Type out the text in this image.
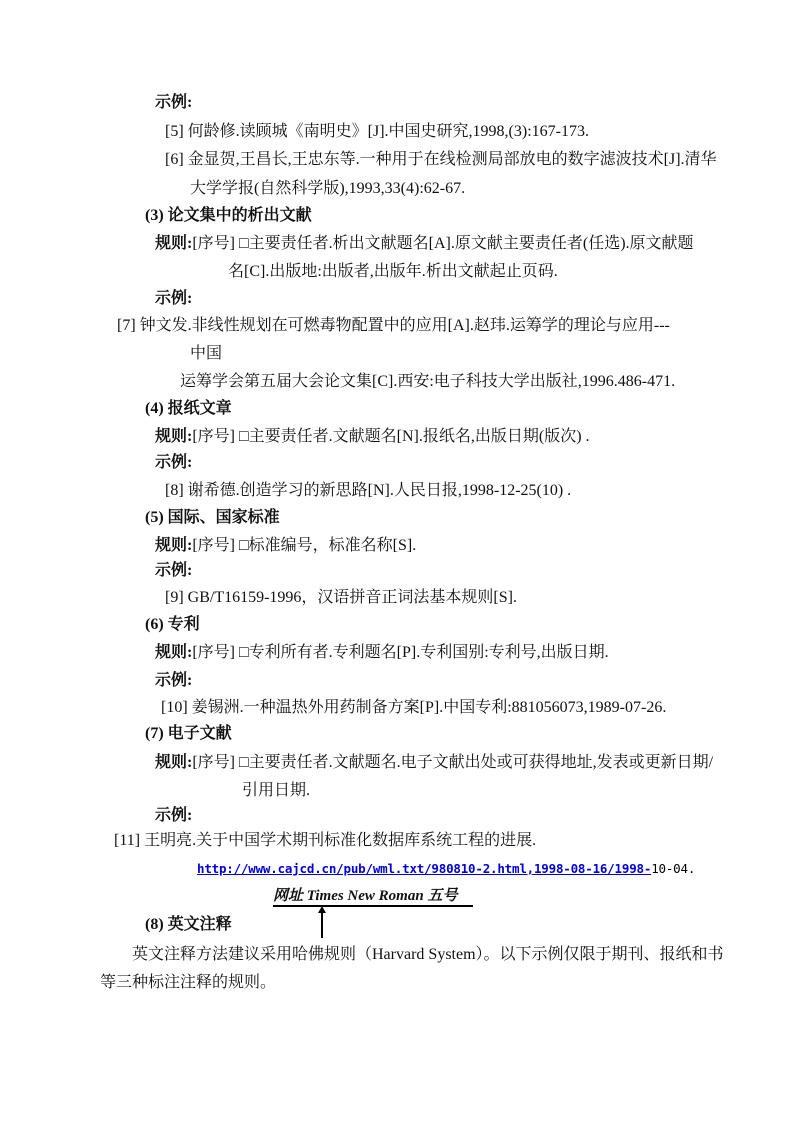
示例:
[5] 何龄修.读顾城《南明史》[J].中国史研究,1998,(3):167-173.
[6] 金显贺,王昌长,王忠东等.一种用于在线检测局部放电的数字滤波技术[J].清华
大学学报(自然科学版),1993,33(4):62-67.
(3) 论文集中的析出文献
规则:[序号] □主要责任者.析出文献题名[A].原文献主要责任者(任选).原文献题
名[C].出版地:出版者,出版年.析出文献起止页码.
示例:
[7] 钟文发.非线性规划在可燃毒物配置中的应用[A].赵玮.运筹学的理论与应用---
中国
运筹学会第五届大会论文集[C].西安:电子科技大学出版社,1996.486-471.
(4) 报纸文章
规则:[序号] □主要责任者.文献题名[N].报纸名,出版日期(版次) .
示例:
[8] 谢希德.创造学习的新思路[N].人民日报,1998-12-25(10) .
(5) 国际、国家标准
规则:[序号] □标准编号，标准名称[S].
示例:
[9] GB/T16159-1996，汉语拼音正词法基本规则[S].
(6) 专利
规则:[序号] □专利所有者.专利题名[P].专利国别:专利号,出版日期.
示例:
[10] 姜锡洲.一种温热外用药制备方案[P].中国专利:881056073,1989-07-26.
(7) 电子文献
规则:[序号] □主要责任者.文献题名.电子文献出处或可获得地址,发表或更新日期/
引用日期.
示例:
[11] 王明亮.关于中国学术期刊标准化数据库系统工程的进展.
http://www.cajcd.cn/pub/wml.txt/980810-2.html,1998-08-16/1998-10-04.
网址 Times New Roman 五号
(8) 英文注释
英文注释方法建议采用哈佛规则（Harvard System）。以下示例仅限于期刊、报纸和书
等三种标注注释的规则。
